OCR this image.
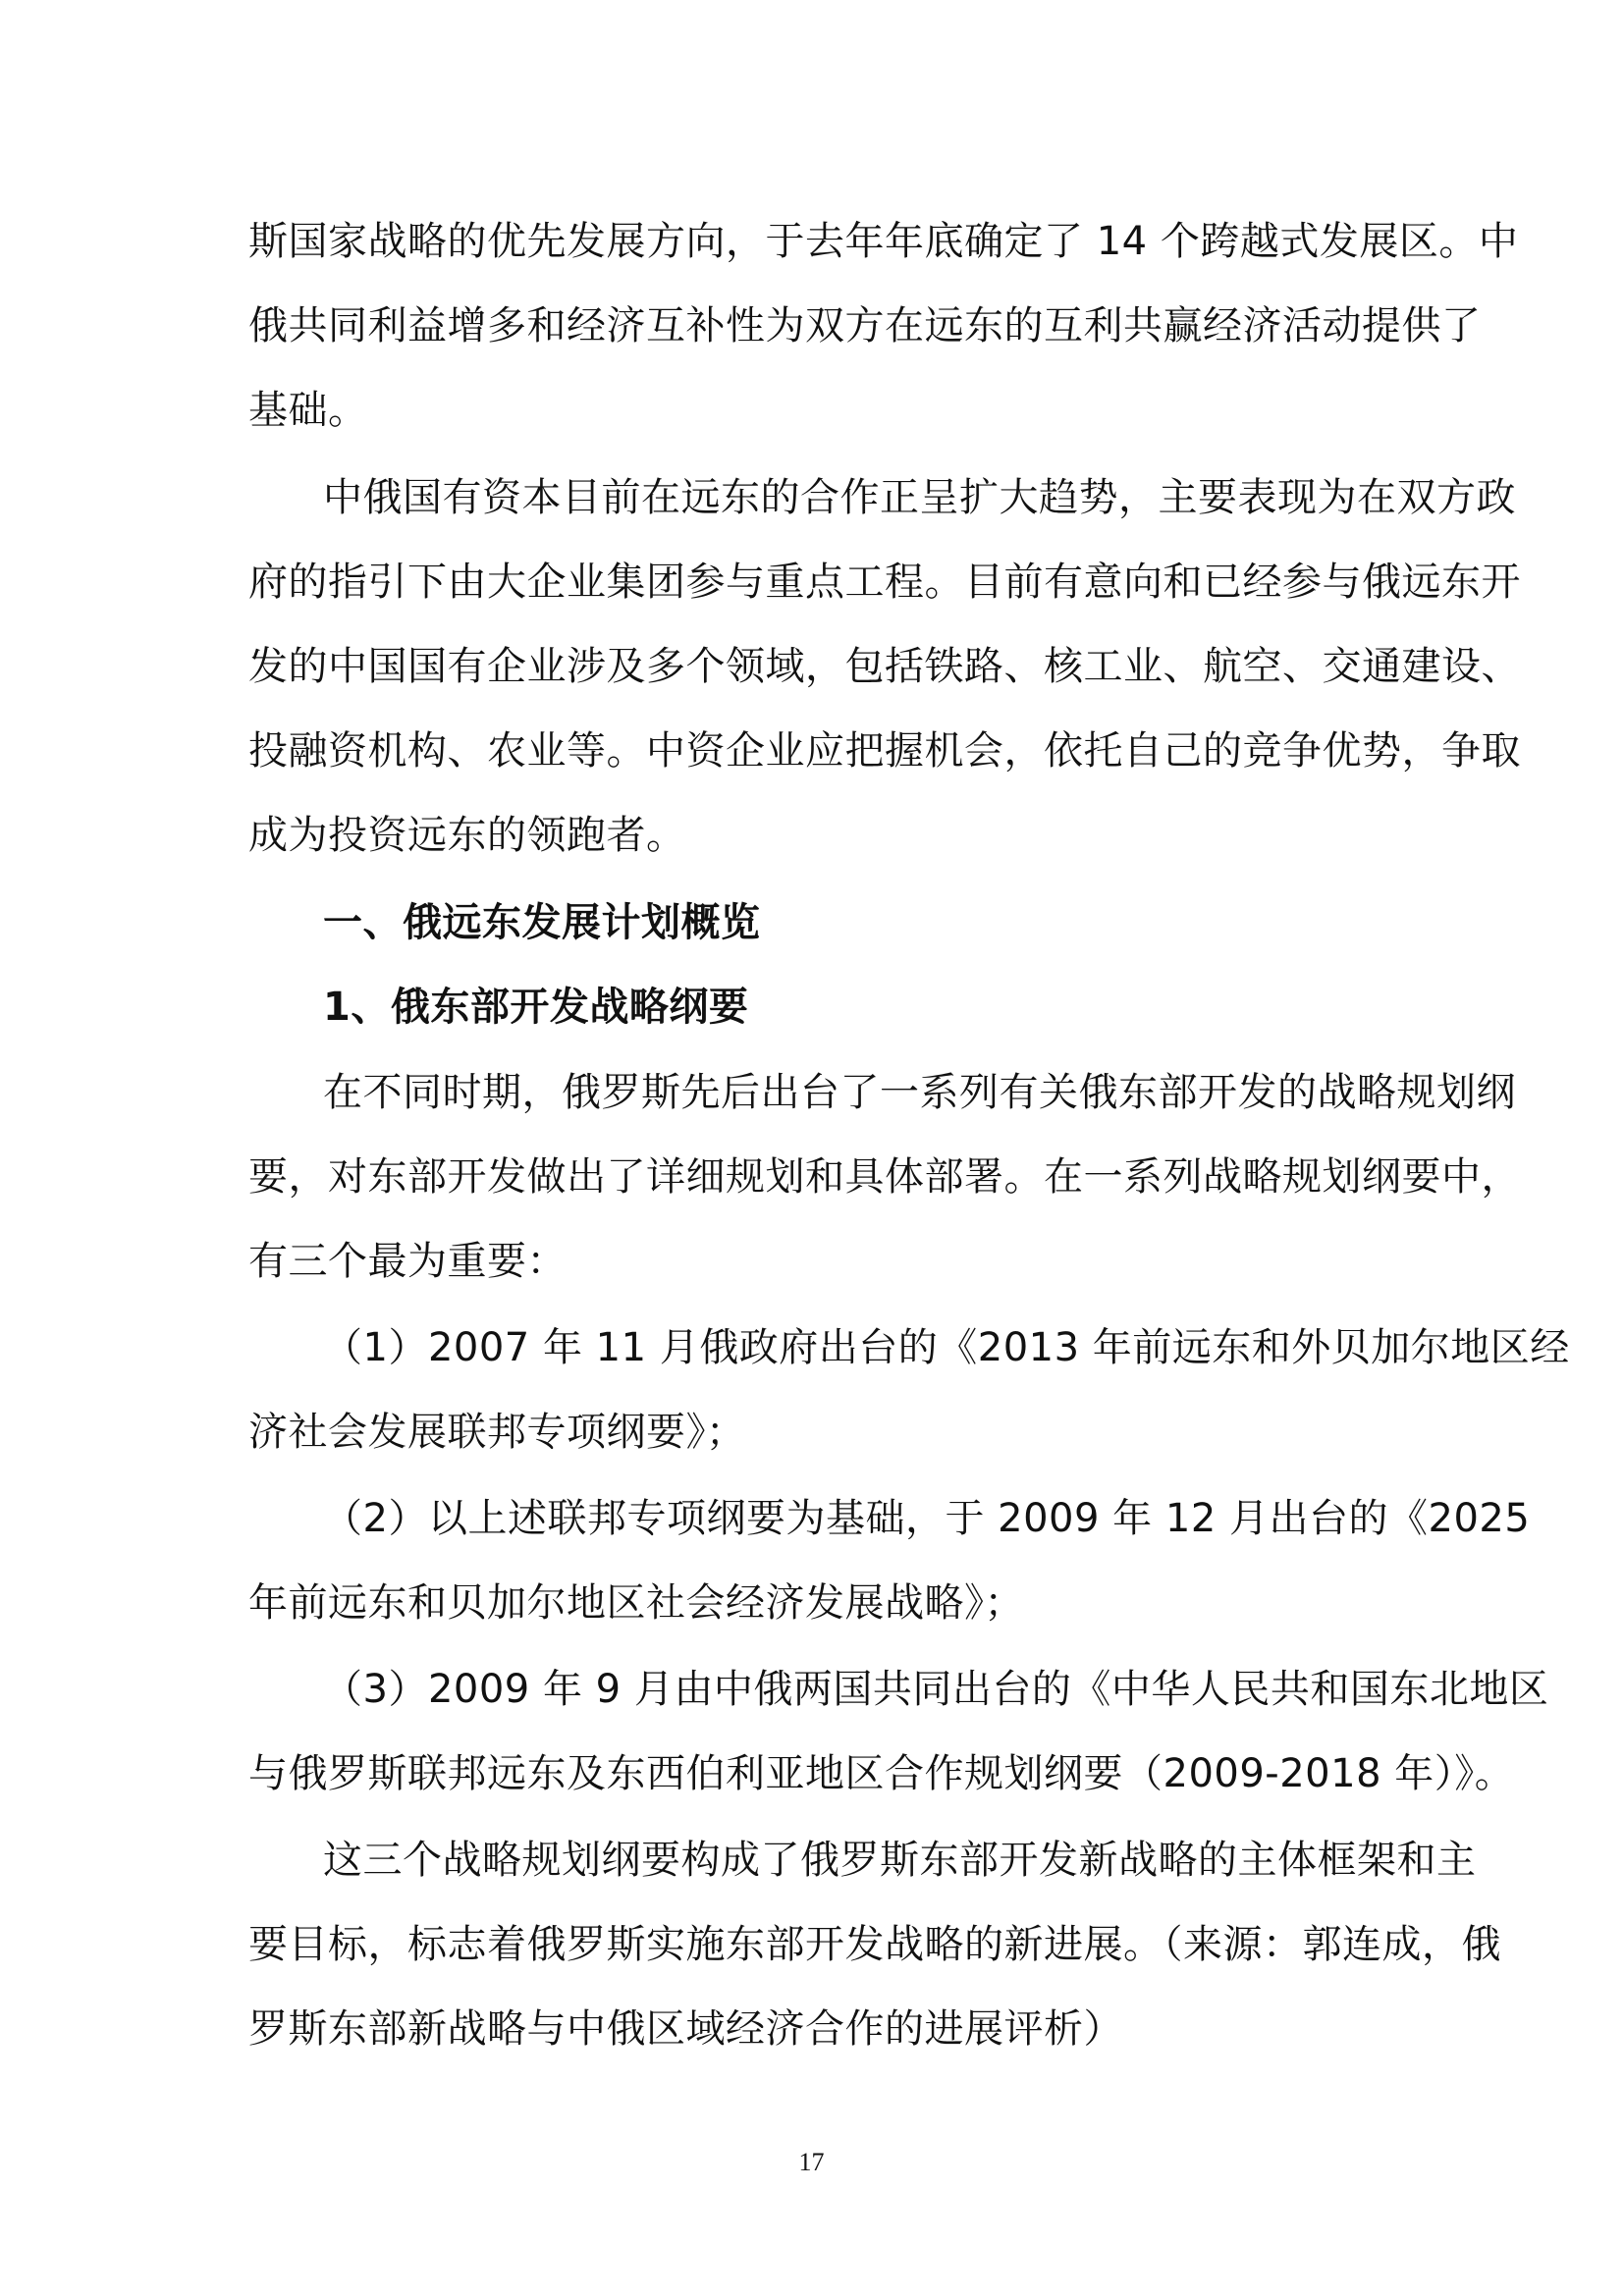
斯国家战略的优先发展方向，于去年年底确定了 14 个跨越式发展区。中
俄共同利益增多和经济互补性为双方在远东的互利共赢经济活动提供了
基础。
中俄国有资本目前在远东的合作正呈扩大趋势，主要表现为在双方政
府的指引下由大企业集团参与重点工程。目前有意向和已经参与俄远东开
发的中国国有企业涉及多个领域，包括铁路、核工业、航空、交通建设、
投融资机构、农业等。中资企业应把握机会，依托自己的竞争优势，争取
成为投资远东的领跑者。
一、俄远东发展计划概览
1、俄东部开发战略纲要
在不同时期，俄罗斯先后出台了一系列有关俄东部开发的战略规划纲
要，对东部开发做出了详细规划和具体部署。在一系列战略规划纲要中，
有三个最为重要：
（1）2007 年 11 月俄政府出台的《2013 年前远东和外贝加尔地区经
济社会发展联邦专项纲要》；
（2）以上述联邦专项纲要为基础，于 2009 年 12 月出台的《2025
年前远东和贝加尔地区社会经济发展战略》；
（3）2009 年 9 月由中俄两国共同出台的《中华人民共和国东北地区
与俄罗斯联邦远东及东西伯利亚地区合作规划纲要（2009-2018 年）》。
这三个战略规划纲要构成了俄罗斯东部开发新战略的主体框架和主
要目标，标志着俄罗斯实施东部开发战略的新进展。（来源：郭连成，俄
罗斯东部新战略与中俄区域经济合作的进展评析）
17
